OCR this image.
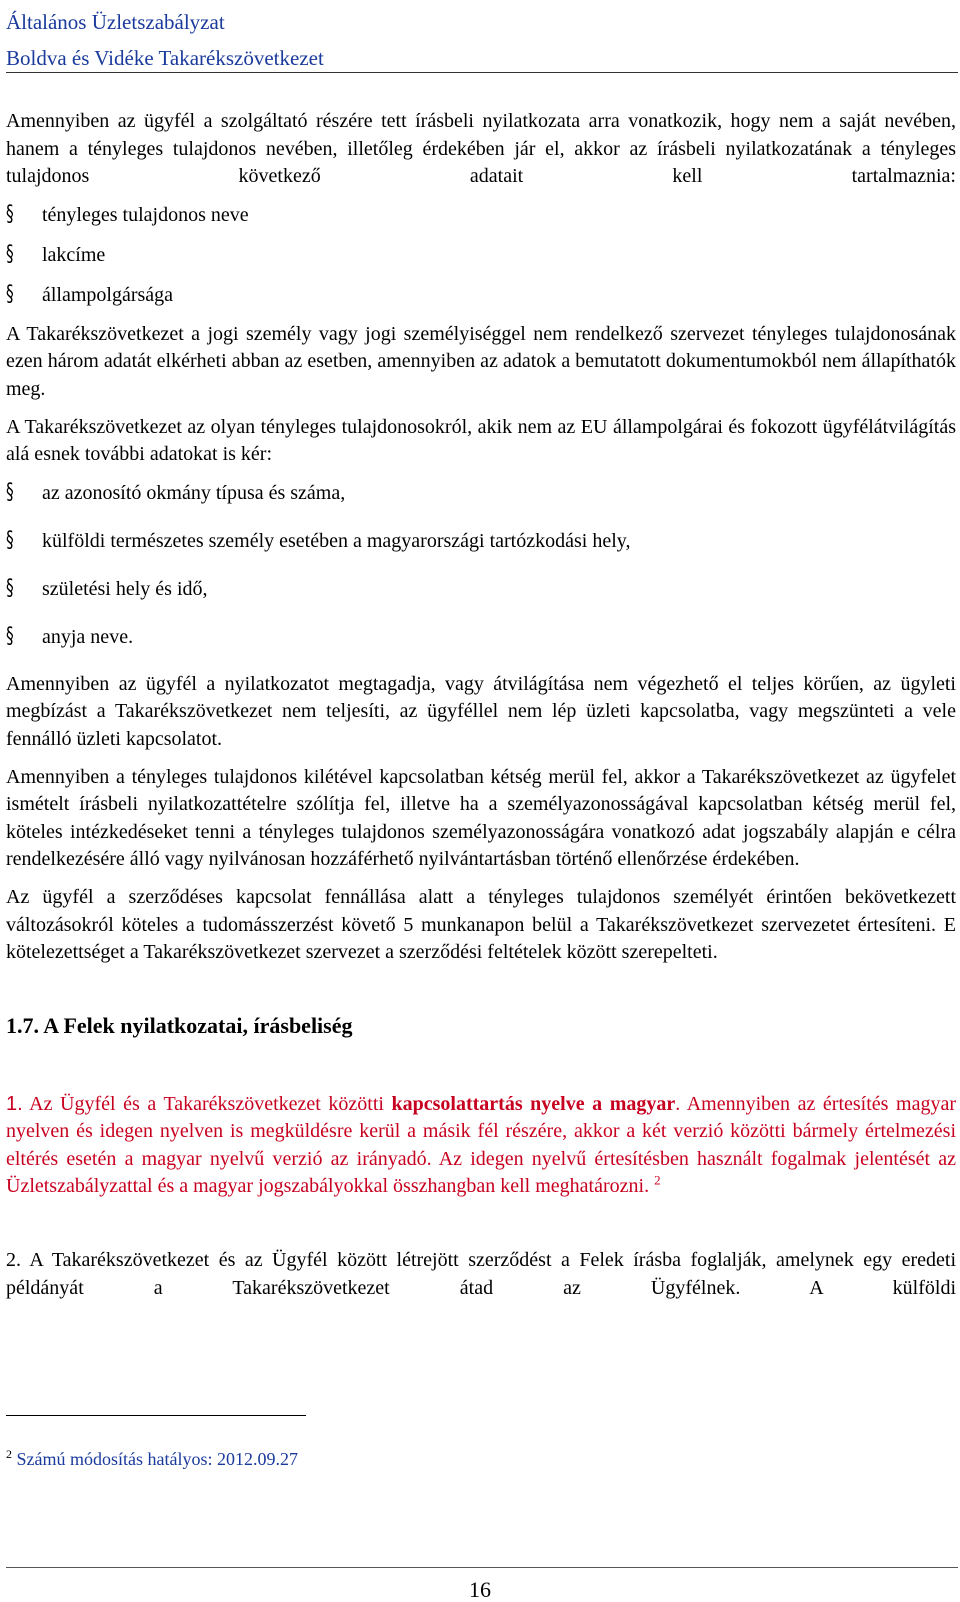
Általános Üzletszabályzat
Boldva és Vidéke Takarékszövetkezet

Amennyiben az ügyfél a szolgáltató részére tett írásbeli nyilatkozata arra vonatkozik, hogy nem a saját nevében, hanem a tényleges tulajdonos nevében, illetőleg érdekében jár el, akkor az írásbeli nyilatkozatának a tényleges tulajdonos következő adatait kell tartalmaznia:

§ tényleges tulajdonos neve
§ lakcíme
§ állampolgársága

A Takarékszövetkezet a jogi személy vagy jogi személyiséggel nem rendelkező szervezet tényleges tulajdonosának ezen három adatát elkérheti abban az esetben, amennyiben az adatok a bemutatott dokumentumokból nem állapíthatók meg.

A Takarékszövetkezet az olyan tényleges tulajdonosokról, akik nem az EU állampolgárai és fokozott ügyfélátvilágítás alá esnek további adatokat is kér:

§ az azonosító okmány típusa és száma,
§ külföldi természetes személy esetében a magyarországi tartózkodási hely,
§ születési hely és idő,
§ anyja neve.

Amennyiben az ügyfél a nyilatkozatot megtagadja, vagy átvilágítása nem végezhető el teljes körűen, az ügyleti megbízást a Takarékszövetkezet nem teljesíti, az ügyféllel nem lép üzleti kapcsolatba, vagy megszünteti a vele fennálló üzleti kapcsolatot.

Amennyiben a tényleges tulajdonos kilétével kapcsolatban kétség merül fel, akkor a Takarékszövetkezet az ügyfelet ismételt írásbeli nyilatkozattételre szólítja fel, illetve ha a személyazonosságával kapcsolatban kétség merül fel, köteles intézkedéseket tenni a tényleges tulajdonos személyazonosságára vonatkozó adat jogszabály alapján e célra rendelkezésére álló vagy nyilvánosan hozzáférhető nyilvántartásban történő ellenőrzése érdekében.

Az ügyfél a szerződéses kapcsolat fennállása alatt a tényleges tulajdonos személyét érintően bekövetkezett változásokról köteles a tudomásszerzést követő 5 munkanapon belül a Takarékszövetkezet szervezetet értesíteni. E kötelezettséget a Takarékszövetkezet szervezet a szerződési feltételek között szerepelteti.

1.7. A Felek nyilatkozatai, írásbeliség

1. Az Ügyfél és a Takarékszövetkezet közötti kapcsolattartás nyelve a magyar. Amennyiben az értesítés magyar nyelven és idegen nyelven is megküldésre kerül a másik fél részére, akkor a két verzió közötti bármely értelmezési eltérés esetén a magyar nyelvű verzió az irányadó. Az idegen nyelvű értesítésben használt fogalmak jelentését az Üzletszabályzattal és a magyar jogszabályokkal összhangban kell meghatározni. $^2$

2. A Takarékszövetkezet és az Ügyfél között létrejött szerződést a Felek írásba foglalják, amelynek egy eredeti példányát a Takarékszövetkezet átad az Ügyfélnek. A külföldi

$^2$ Számú módosítás hatályos: 2012.09.27
16
